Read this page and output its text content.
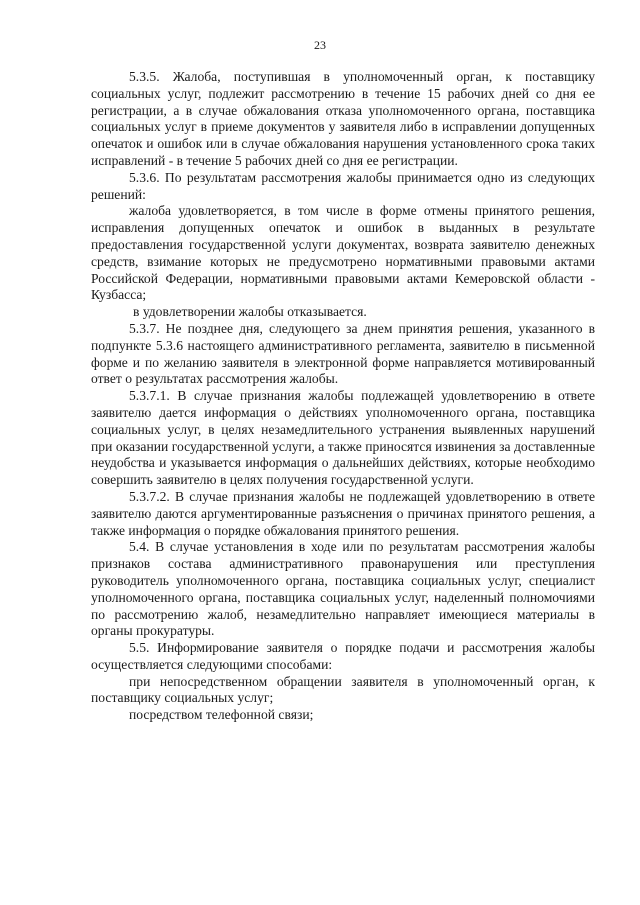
23

5.3.5. Жалоба, поступившая в уполномоченный орган, к поставщику социальных услуг, подлежит рассмотрению в течение 15 рабочих дней со дня ее регистрации, а в случае обжалования отказа уполномоченного органа, поставщика социальных услуг в приеме документов у заявителя либо в исправлении допущенных опечаток и ошибок или в случае обжалования нарушения установленного срока таких исправлений - в течение 5 рабочих дней со дня ее регистрации.

5.3.6. По результатам рассмотрения жалобы принимается одно из следующих решений:

жалоба удовлетворяется, в том числе в форме отмены принятого решения, исправления допущенных опечаток и ошибок в выданных в результате предоставления государственной услуги документах, возврата заявителю денежных средств, взимание которых не предусмотрено нормативными правовыми актами Российской Федерации, нормативными правовыми актами Кемеровской области - Кузбасса;

в удовлетворении жалобы отказывается.

5.3.7. Не позднее дня, следующего за днем принятия решения, указанного в подпункте 5.3.6 настоящего административного регламента, заявителю в письменной форме и по желанию заявителя в электронной форме направляется мотивированный ответ о результатах рассмотрения жалобы.

5.3.7.1. В случае признания жалобы подлежащей удовлетворению в ответе заявителю дается информация о действиях уполномоченного органа, поставщика социальных услуг, в целях незамедлительного устранения выявленных нарушений при оказании государственной услуги, а также приносятся извинения за доставленные неудобства и указывается информация о дальнейших действиях, которые необходимо совершить заявителю в целях получения государственной услуги.

5.3.7.2. В случае признания жалобы не подлежащей удовлетворению в ответе заявителю даются аргументированные разъяснения о причинах принятого решения, а также информация о порядке обжалования принятого решения.

5.4. В случае установления в ходе или по результатам рассмотрения жалобы признаков состава административного правонарушения или преступления руководитель уполномоченного органа, поставщика социальных услуг, специалист уполномоченного органа, поставщика социальных услуг, наделенный полномочиями по рассмотрению жалоб, незамедлительно направляет имеющиеся материалы в органы прокуратуры.

5.5. Информирование заявителя о порядке подачи и рассмотрения жалобы осуществляется следующими способами:

при непосредственном обращении заявителя в уполномоченный орган, к поставщику социальных услуг;

посредством телефонной связи;
